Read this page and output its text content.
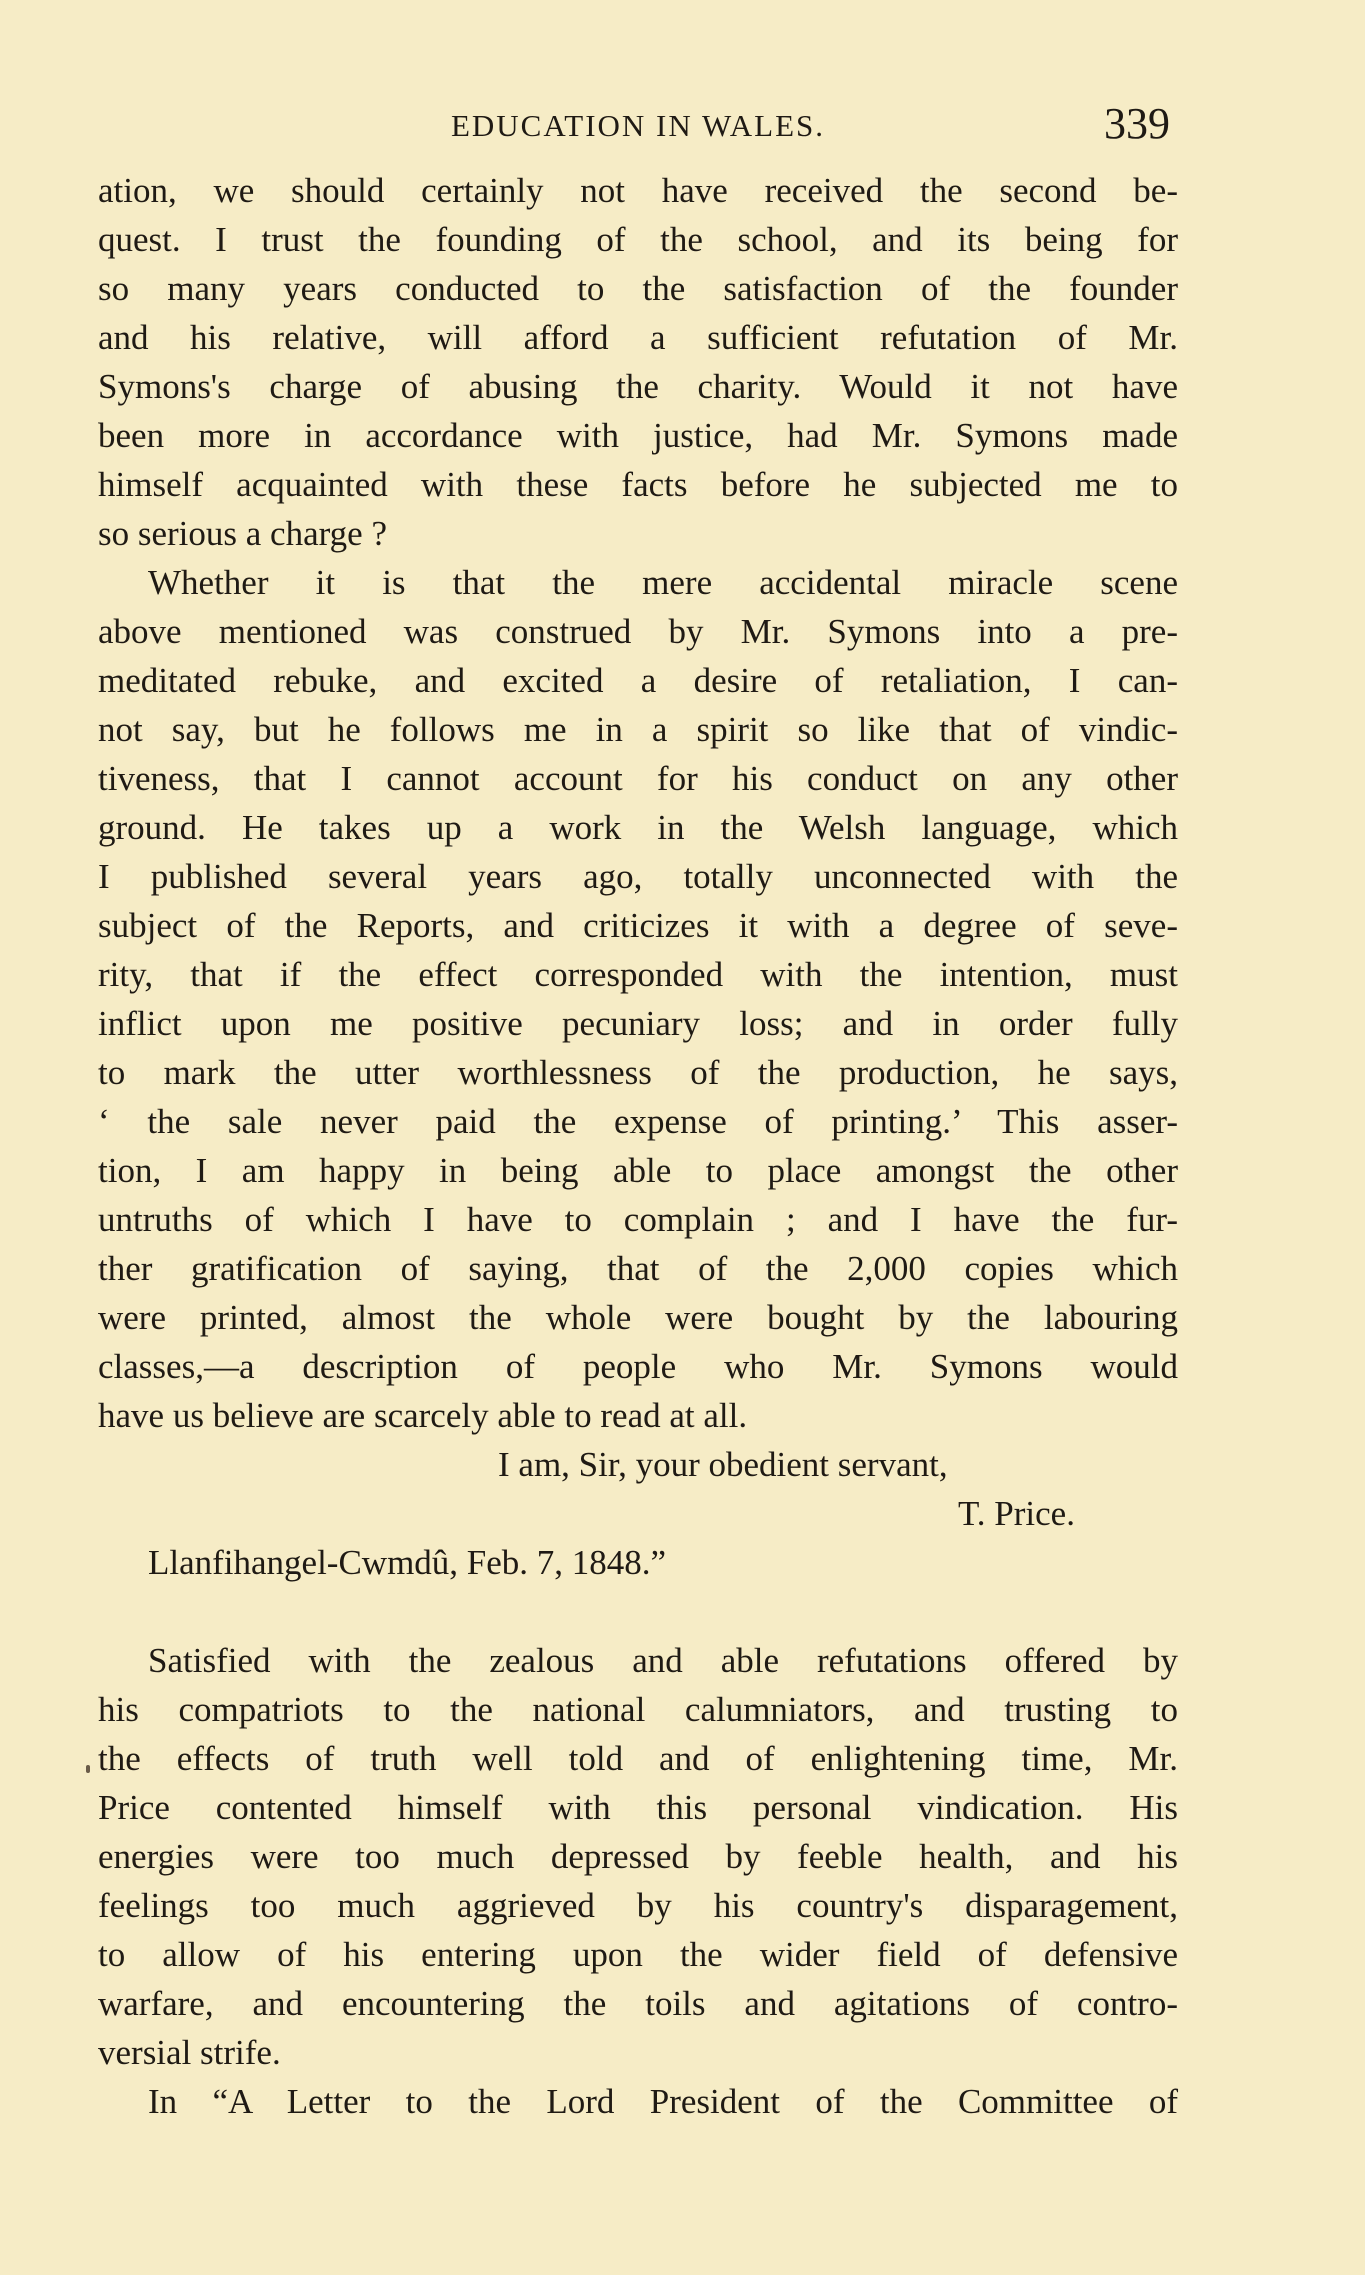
EDUCATION IN WALES.	339
ation, we should certainly not have received the second be-
quest. I trust the founding of the school, and its being for
so many years conducted to the satisfaction of the founder
and his relative, will afford a sufficient refutation of Mr.
Symons's charge of abusing the charity. Would it not have
been more in accordance with justice, had Mr. Symons made
himself acquainted with these facts before he subjected me to
so serious a charge ?
Whether it is that the mere accidental miracle scene
above mentioned was construed by Mr. Symons into a pre-
meditated rebuke, and excited a desire of retaliation, I can-
not say, but he follows me in a spirit so like that of vindic-
tiveness, that I cannot account for his conduct on any other
ground. He takes up a work in the Welsh language, which
I published several years ago, totally unconnected with the
subject of the Reports, and criticizes it with a degree of seve-
rity, that if the effect corresponded with the intention, must
inflict upon me positive pecuniary loss; and in order fully
to mark the utter worthlessness of the production, he says,
‘ the sale never paid the expense of printing.’ This asser-
tion, I am happy in being able to place amongst the other
untruths of which I have to complain ; and I have the fur-
ther gratification of saying, that of the 2,000 copies which
were printed, almost the whole were bought by the labouring
classes,—a description of people who Mr. Symons would
have us believe are scarcely able to read at all.
I am, Sir, your obedient servant,
T. Price.
Llanfihangel-Cwmdû, Feb. 7, 1848.”
Satisfied with the zealous and able refutations offered by
his compatriots to the national calumniators, and trusting to
the effects of truth well told and of enlightening time, Mr.
Price contented himself with this personal vindication. His
energies were too much depressed by feeble health, and his
feelings too much aggrieved by his country's disparagement,
to allow of his entering upon the wider field of defensive
warfare, and encountering the toils and agitations of contro-
versial strife.
In “A Letter to the Lord President of the Committee of
